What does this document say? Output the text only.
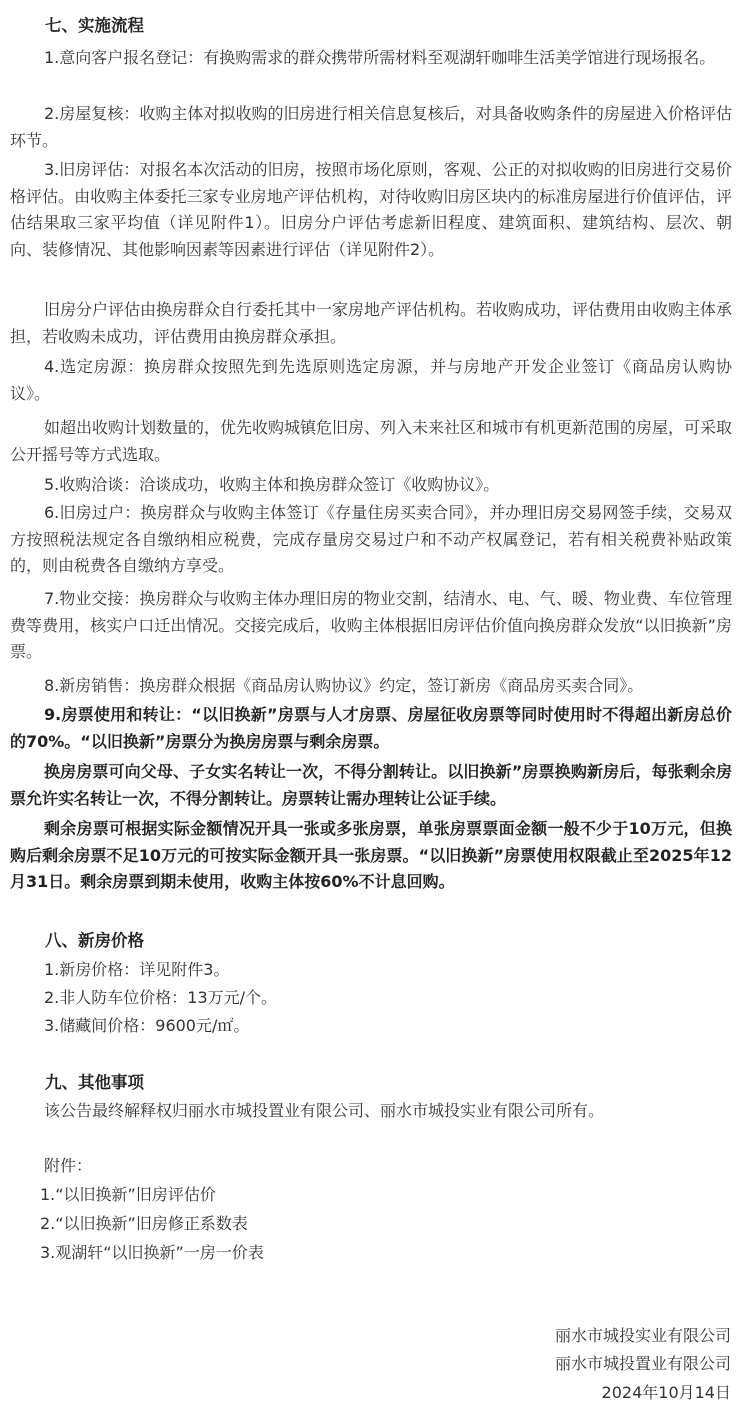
七、实施流程

1.意向客户报名登记：有换购需求的群众携带所需材料至观湖轩咖啡生活美学馆进行现场报名。

2.房屋复核：收购主体对拟收购的旧房进行相关信息复核后，对具备收购条件的房屋进入价格评估环节。

3.旧房评估：对报名本次活动的旧房，按照市场化原则，客观、公正的对拟收购的旧房进行交易价格评估。由收购主体委托三家专业房地产评估机构，对待收购旧房区块内的标准房屋进行价值评估，评估结果取三家平均值（详见附件1）。旧房分户评估考虑新旧程度、建筑面积、建筑结构、层次、朝向、装修情况、其他影响因素等因素进行评估（详见附件2）。

旧房分户评估由换房群众自行委托其中一家房地产评估机构。若收购成功，评估费用由收购主体承担，若收购未成功，评估费用由换房群众承担。

4.选定房源：换房群众按照先到先选原则选定房源，并与房地产开发企业签订《商品房认购协议》。

如超出收购计划数量的，优先收购城镇危旧房、列入未来社区和城市有机更新范围的房屋，可采取公开摇号等方式选取。

5.收购洽谈：洽谈成功，收购主体和换房群众签订《收购协议》。

6.旧房过户：换房群众与收购主体签订《存量住房买卖合同》，并办理旧房交易网签手续，交易双方按照税法规定各自缴纳相应税费，完成存量房交易过户和不动产权属登记，若有相关税费补贴政策的，则由税费各自缴纳方享受。

7.物业交接：换房群众与收购主体办理旧房的物业交割，结清水、电、气、暖、物业费、车位管理费等费用，核实户口迁出情况。交接完成后，收购主体根据旧房评估价值向换房群众发放“以旧换新”房票。

8.新房销售：换房群众根据《商品房认购协议》约定，签订新房《商品房买卖合同》。

9.房票使用和转让：“以旧换新”房票与人才房票、房屋征收房票等同时使用时不得超出新房总价的70%。“以旧换新”房票分为换房房票与剩余房票。

换房房票可向父母、子女实名转让一次，不得分割转让。以旧换新”房票换购新房后，每张剩余房票允许实名转让一次，不得分割转让。房票转让需办理转让公证手续。

剩余房票可根据实际金额情况开具一张或多张房票，单张房票票面金额一般不少于10万元，但换购后剩余房票不足10万元的可按实际金额开具一张房票。“以旧换新”房票使用权限截止至2025年12月31日。剩余房票到期未使用，收购主体按60%不计息回购。

八、新房价格

1.新房价格：详见附件3。

2.非人防车位价格：13万元/个。

3.储藏间价格：9600元/㎡。

九、其他事项

该公告最终解释权归丽水市城投置业有限公司、丽水市城投实业有限公司所有。

附件：

1.“以旧换新”旧房评估价

2.“以旧换新”旧房修正系数表

3.观湖轩“以旧换新”一房一价表

丽水市城投实业有限公司

丽水市城投置业有限公司

2024年10月14日
